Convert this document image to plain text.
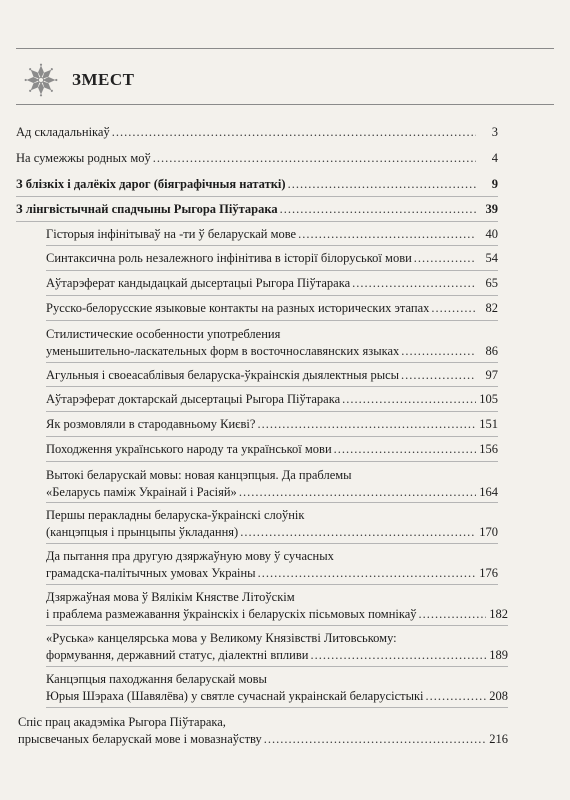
ЗМЕСТ
Ад складальнікаў .....	3
На сумежжы родных моў .....	4
З блізкіх і далёкіх дарог (біяграфічныя нататкі) .....	9
З лінгвістычнай спадчыны Рыгора Піўтарака .....	39
Гісторыя інфінітываў на -ти ў беларускай мове .....	40
Синтаксична роль незалежного інфінітива в історії білоруської мови .....	54
Аўтарэферат кандыдацкай дысертацыі Рыгора Піўтарака .....	65
Русско-белорусские языковые контакты на разных исторических этапах .....	82
Стилистические особенности употребления
уменьшительно-ласкательных форм в восточнославянских языках .....	86
Агульныя і своеасаблівыя беларуска-ўкраінскія дыялектныя рысы .....	97
Аўтарэферат доктарскай дысертацыі Рыгора Піўтарака .....	105
Як розмовляли в стародавньому Києві? .....	151
Походження українського народу та української мови .....	156
Вытокі беларускай мовы: новая канцэпцыя. Да праблемы
«Беларусь паміж Украінай і Расіяй» .....	164
Першы перакладны беларуска-ўкраінскі слоўнік
(канцэпцыя і прынцыпы ўкладання) .....	170
Да пытання пра другую дзяржаўную мову ў сучасных
грамадска-палітычных умовах Украіны .....	176
Дзяржаўная мова ў Вялікім Княстве Літоўскім
і праблема размежавання ўкраінскіх і беларускіх пісьмовых помнікаў .....	182
«Руська» канцелярська мова у Великому Князівстві Литовському:
формування, державний статус, діалектні впливи .....	189
Канцэпцыя паходжання беларускай мовы
Юрыя Шэраха (Шавялёва) у святле сучаснай украінскай беларусістыкі .....	208
Спіс прац акадэміка Рыгора Піўтарака,
прысвечаных беларускай мове і мовазнаўству .....	216
